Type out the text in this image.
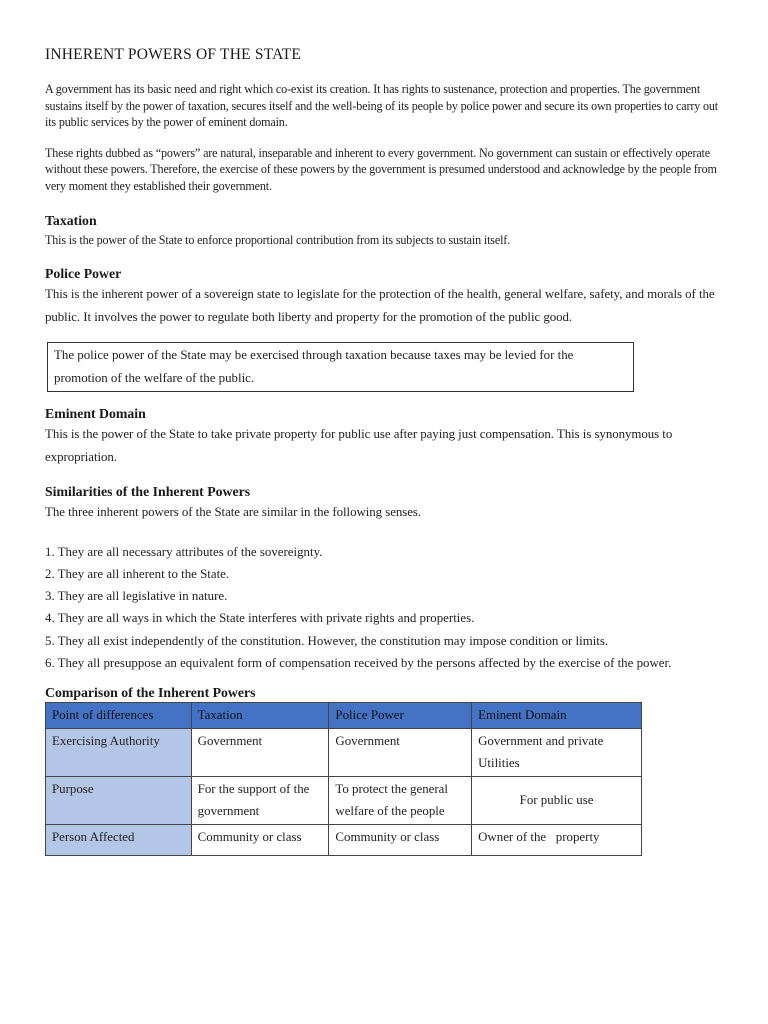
INHERENT POWERS OF THE STATE

A government has its basic need and right which co-exist its creation. It has rights to sustenance, protection and properties. The government sustains itself by the power of taxation, secures itself and the well-being of its people by police power and secure its own properties to carry out its public services by the power of eminent domain.

These rights dubbed as “powers” are natural, inseparable and inherent to every government. No government can sustain or effectively operate without these powers. Therefore, the exercise of these powers by the government is presumed understood and acknowledge by the people from very moment they established their government.

Taxation

This is the power of the State to enforce proportional contribution from its subjects to sustain itself.

Police Power

This is the inherent power of a sovereign state to legislate for the protection of the health, general welfare, safety, and morals of the public. It involves the power to regulate both liberty and property for the promotion of the public good.

The police power of the State may be exercised through taxation because taxes may be levied for the promotion of the welfare of the public.
Eminent Domain

This is the power of the State to take private property for public use after paying just compensation. This is synonymous to expropriation.

Similarities of the Inherent Powers

The three inherent powers of the State are similar in the following senses.

1. They are all necessary attributes of the sovereignty.
2. They are all inherent to the State.
3. They are all legislative in nature.
4. They are all ways in which the State interferes with private rights and properties.
5. They all exist independently of the constitution. However, the constitution may impose condition or limits.
6. They all presuppose an equivalent form of compensation received by the persons affected by the exercise of the power.
Comparison of the Inherent Powers
Point of differences	Taxation	Police Power	Eminent Domain
Exercising Authority	Government	Government	Government and private Utilities
Purpose	For the support of the government	To protect the general welfare of the people	For public use
Person Affected	Community or class	Community or class	Owner of the   property
